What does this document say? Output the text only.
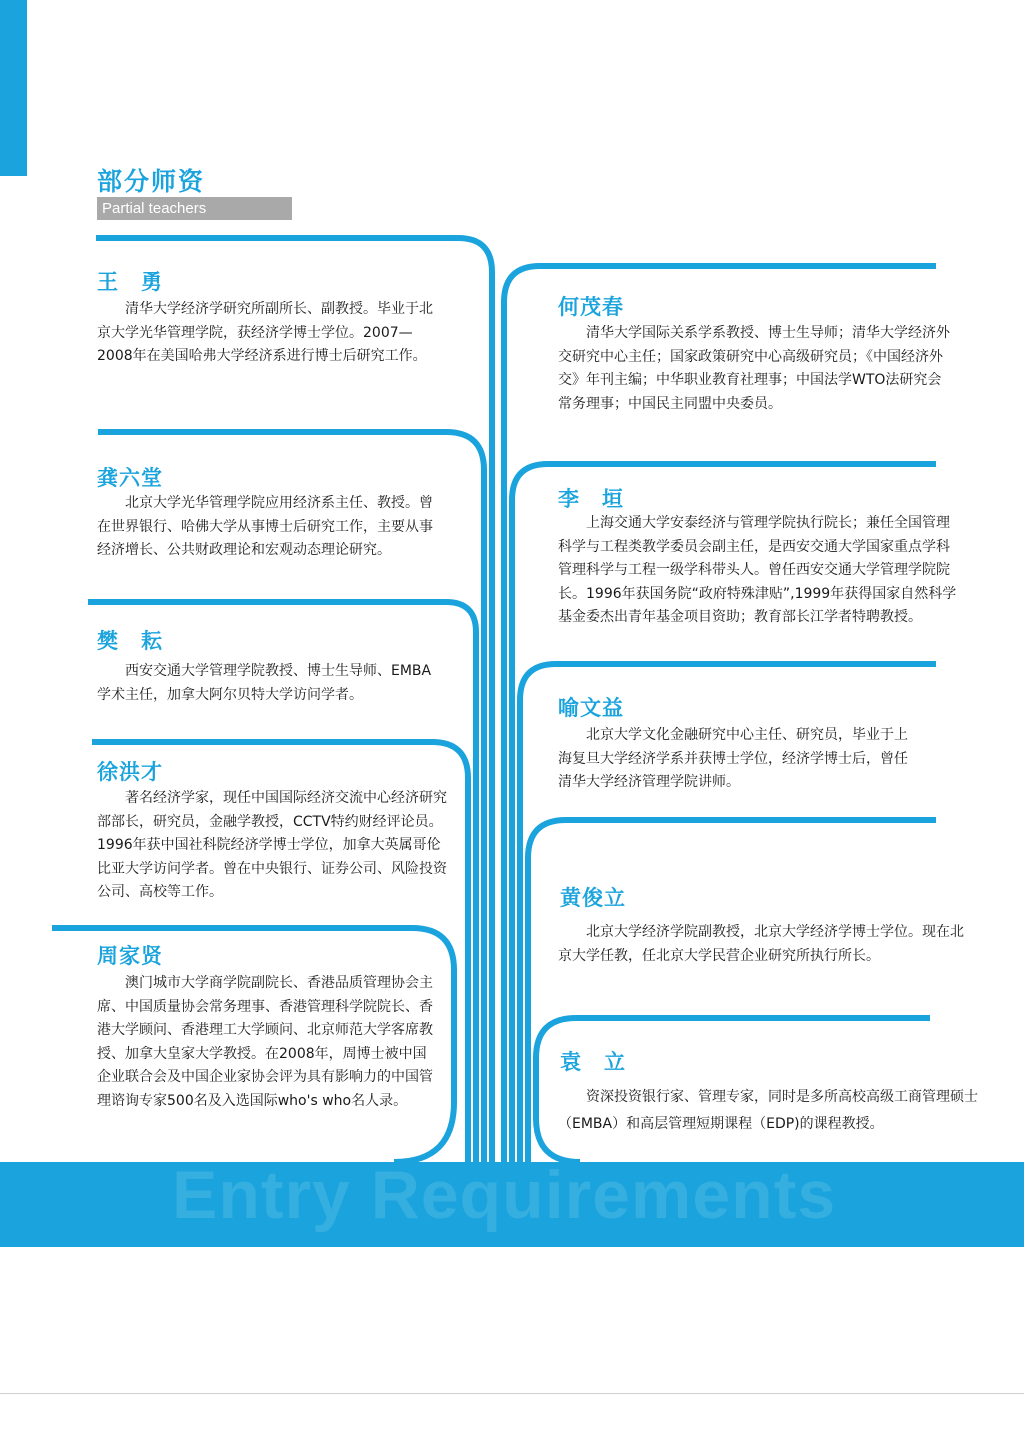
部分师资
Partial teachers
Entry Requirements
王　勇
清华大学经济学研究所副所长、副教授。毕业于北京大学光华管理学院，获经济学博士学位。2007—2008年在美国哈弗大学经济系进行博士后研究工作。
龚六堂
北京大学光华管理学院应用经济系主任、教授。曾在世界银行、哈佛大学从事博士后研究工作，主要从事经济增长、公共财政理论和宏观动态理论研究。
樊　耘
西安交通大学管理学院教授、博士生导师、EMBA学术主任，加拿大阿尔贝特大学访问学者。
徐洪才
著名经济学家，现任中国国际经济交流中心经济研究部部长，研究员，金融学教授，CCTV特约财经评论员。1996年获中国社科院经济学博士学位，加拿大英属哥伦比亚大学访问学者。曾在中央银行、证券公司、风险投资公司、高校等工作。
周家贤
澳门城市大学商学院副院长、香港品质管理协会主席、中国质量协会常务理事、香港管理科学院院长、香港大学顾问、香港理工大学顾问、北京师范大学客席教授、加拿大皇家大学教授。在2008年，周博士被中国企业联合会及中国企业家协会评为具有影响力的中国管理谘询专家500名及入选国际who's who名人录。
何茂春
清华大学国际关系学系教授、博士生导师；清华大学经济外交研究中心主任；国家政策研究中心高级研究员；《中国经济外交》年刊主编；中华职业教育社理事；中国法学WTO法研究会常务理事；中国民主同盟中央委员。
李　垣
上海交通大学安泰经济与管理学院执行院长；兼任全国管理科学与工程类教学委员会副主任，是西安交通大学国家重点学科管理科学与工程一级学科带头人。曾任西安交通大学管理学院院长。1996年获国务院“政府特殊津贴”,1999年获得国家自然科学基金委杰出青年基金项目资助；教育部长江学者特聘教授。
喻文益
北京大学文化金融研究中心主任、研究员，毕业于上海复旦大学经济学系并获博士学位，经济学博士后，曾任清华大学经济管理学院讲师。
黄俊立
北京大学经济学院副教授，北京大学经济学博士学位。现在北京大学任教，任北京大学民营企业研究所执行所长。
袁　立
资深投资银行家、管理专家，同时是多所高校高级工商管理硕士（EMBA）和高层管理短期课程（EDP)的课程教授。
